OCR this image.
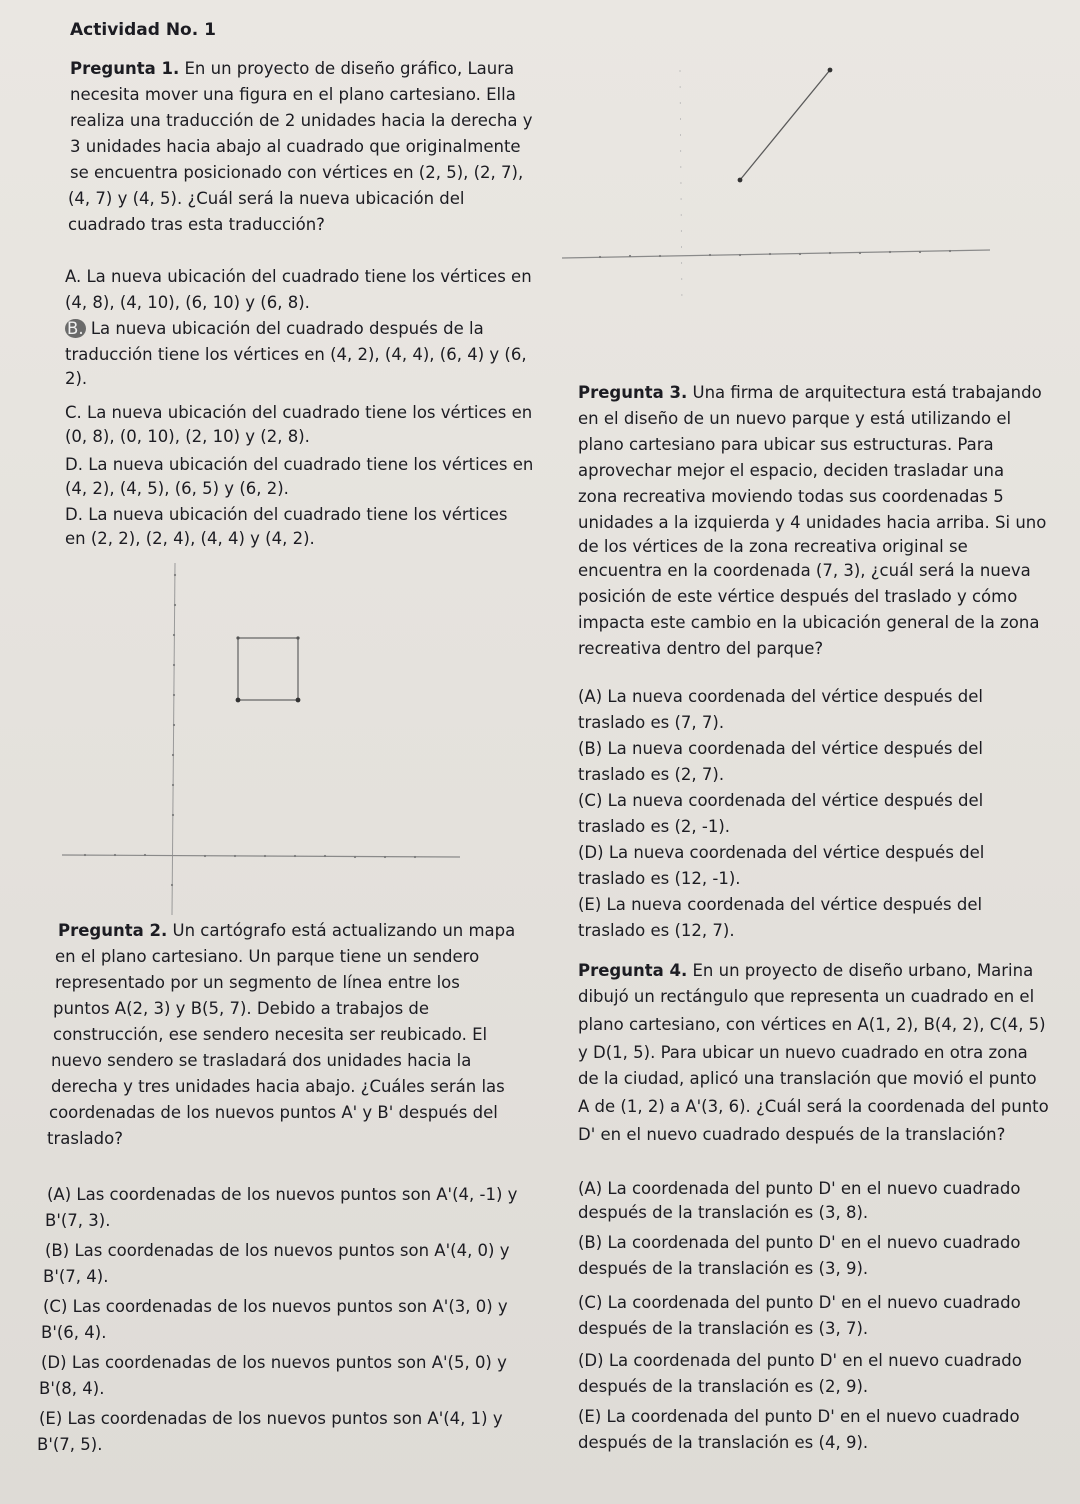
Actividad No. 1
Pregunta 1. En un proyecto de diseño gráfico, Laura
necesita mover una figura en el plano cartesiano. Ella
realiza una traducción de 2 unidades hacia la derecha y
3 unidades hacia abajo al cuadrado que originalmente
se encuentra posicionado con vértices en (2, 5), (2, 7),
(4, 7) y (4, 5). ¿Cuál será la nueva ubicación del
cuadrado tras esta traducción?
A. La nueva ubicación del cuadrado tiene los vértices en
(4, 8), (4, 10), (6, 10) y (6, 8).
B. La nueva ubicación del cuadrado después de la
traducción tiene los vértices en (4, 2), (4, 4), (6, 4) y (6,
2).
C. La nueva ubicación del cuadrado tiene los vértices en
(0, 8), (0, 10), (2, 10) y (2, 8).
D. La nueva ubicación del cuadrado tiene los vértices en
(4, 2), (4, 5), (6, 5) y (6, 2).
D. La nueva ubicación del cuadrado tiene los vértices
en (2, 2), (2, 4), (4, 4) y (4, 2).
Pregunta 3. Una firma de arquitectura está trabajando
en el diseño de un nuevo parque y está utilizando el
plano cartesiano para ubicar sus estructuras. Para
aprovechar mejor el espacio, deciden trasladar una
zona recreativa moviendo todas sus coordenadas 5
unidades a la izquierda y 4 unidades hacia arriba. Si uno
de los vértices de la zona recreativa original se
encuentra en la coordenada (7, 3), ¿cuál será la nueva
posición de este vértice después del traslado y cómo
impacta este cambio en la ubicación general de la zona
recreativa dentro del parque?
(A) La nueva coordenada del vértice después del
traslado es (7, 7).
(B) La nueva coordenada del vértice después del
traslado es (2, 7).
(C) La nueva coordenada del vértice después del
traslado es (2, -1).
(D) La nueva coordenada del vértice después del
traslado es (12, -1).
(E) La nueva coordenada del vértice después del
traslado es (12, 7).
Pregunta 2. Un cartógrafo está actualizando un mapa
en el plano cartesiano. Un parque tiene un sendero
representado por un segmento de línea entre los
puntos A(2, 3) y B(5, 7). Debido a trabajos de
construcción, ese sendero necesita ser reubicado. El
nuevo sendero se trasladará dos unidades hacia la
derecha y tres unidades hacia abajo. ¿Cuáles serán las
coordenadas de los nuevos puntos A' y B' después del
traslado?
(A) Las coordenadas de los nuevos puntos son A'(4, -1) y
B'(7, 3).
(B) Las coordenadas de los nuevos puntos son A'(4, 0) y
B'(7, 4).
(C) Las coordenadas de los nuevos puntos son A'(3, 0) y
B'(6, 4).
(D) Las coordenadas de los nuevos puntos son A'(5, 0) y
B'(8, 4).
(E) Las coordenadas de los nuevos puntos son A'(4, 1) y
B'(7, 5).
Pregunta 4. En un proyecto de diseño urbano, Marina
dibujó un rectángulo que representa un cuadrado en el
plano cartesiano, con vértices en A(1, 2), B(4, 2), C(4, 5)
y D(1, 5). Para ubicar un nuevo cuadrado en otra zona
de la ciudad, aplicó una translación que movió el punto
A de (1, 2) a A'(3, 6). ¿Cuál será la coordenada del punto
D' en el nuevo cuadrado después de la translación?
(A) La coordenada del punto D' en el nuevo cuadrado
después de la translación es (3, 8).
(B) La coordenada del punto D' en el nuevo cuadrado
después de la translación es (3, 9).
(C) La coordenada del punto D' en el nuevo cuadrado
después de la translación es (3, 7).
(D) La coordenada del punto D' en el nuevo cuadrado
después de la translación es (2, 9).
(E) La coordenada del punto D' en el nuevo cuadrado
después de la translación es (4, 9).
